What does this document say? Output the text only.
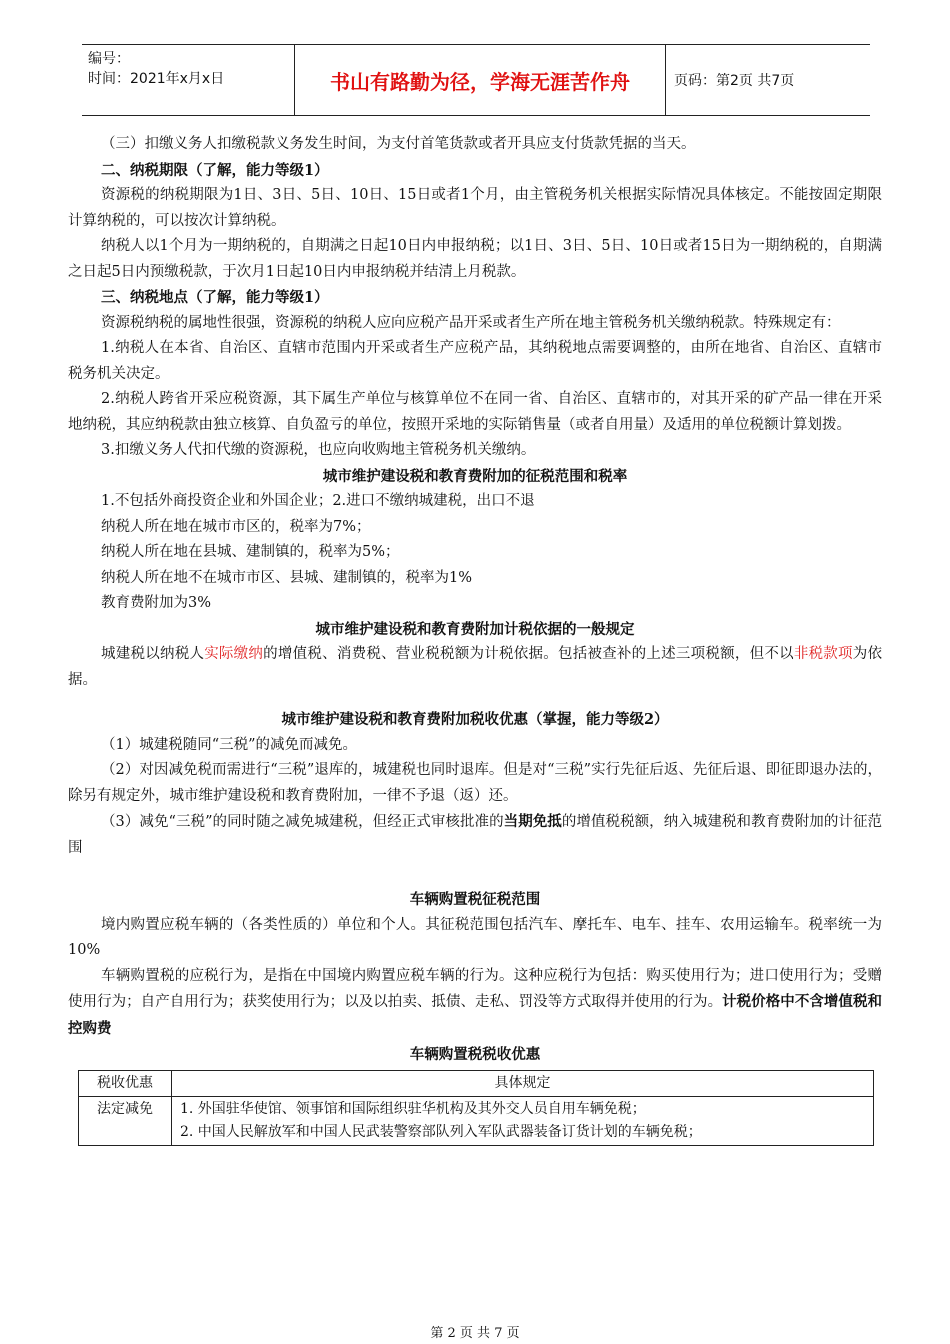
编号：
时间：2021年x月x日	书山有路勤为径，学海无涯苦作舟	页码：第2页 共7页

（三）扣缴义务人扣缴税款义务发生时间，为支付首笔货款或者开具应支付货款凭据的当天。

二、纳税期限（了解，能力等级1）

资源税的纳税期限为1日、3日、5日、10日、15日或者1个月，由主管税务机关根据实际情况具体核定。不能按固定期限计算纳税的，可以按次计算纳税。

纳税人以1个月为一期纳税的，自期满之日起10日内申报纳税；以1日、3日、5日、10日或者15日为一期纳税的，自期满之日起5日内预缴税款，于次月1日起10日内申报纳税并结清上月税款。

三、纳税地点（了解，能力等级1）

资源税纳税的属地性很强，资源税的纳税人应向应税产品开采或者生产所在地主管税务机关缴纳税款。特殊规定有：

1.纳税人在本省、自治区、直辖市范围内开采或者生产应税产品，其纳税地点需要调整的，由所在地省、自治区、直辖市税务机关决定。

2.纳税人跨省开采应税资源，其下属生产单位与核算单位不在同一省、自治区、直辖市的，对其开采的矿产品一律在开采地纳税，其应纳税款由独立核算、自负盈亏的单位，按照开采地的实际销售量（或者自用量）及适用的单位税额计算划拨。

3.扣缴义务人代扣代缴的资源税，也应向收购地主管税务机关缴纳。

城市维护建设税和教育费附加的征税范围和税率

1.不包括外商投资企业和外国企业；2.进口不缴纳城建税，出口不退

纳税人所在地在城市市区的，税率为7%；

纳税人所在地在县城、建制镇的，税率为5%；

纳税人所在地不在城市市区、县城、建制镇的，税率为1%

教育费附加为3%

城市维护建设税和教育费附加计税依据的一般规定

城建税以纳税人实际缴纳的增值税、消费税、营业税税额为计税依据。包括被查补的上述三项税额，但不以非税款项为依据。

城市维护建设税和教育费附加税收优惠（掌握，能力等级2）

（1）城建税随同“三税”的减免而减免。

（2）对因减免税而需进行“三税”退库的，城建税也同时退库。但是对“三税”实行先征后返、先征后退、即征即退办法的，除另有规定外，城市维护建设税和教育费附加，一律不予退（返）还。

（3）减免“三税”的同时随之减免城建税，但经正式审核批准的当期免抵的增值税税额，纳入城建税和教育费附加的计征范围

车辆购置税征税范围

境内购置应税车辆的（各类性质的）单位和个人。其征税范围包括汽车、摩托车、电车、挂车、农用运输车。税率统一为10%

车辆购置税的应税行为，是指在中国境内购置应税车辆的行为。这种应税行为包括：购买使用行为；进口使用行为；受赠使用行为；自产自用行为；获奖使用行为；以及以拍卖、抵债、走私、罚没等方式取得并使用的行为。计税价格中不含增值税和控购费

车辆购置税税收优惠

税收优惠	具体规定
法定减免	1. 外国驻华使馆、领事馆和国际组织驻华机构及其外交人员自用车辆免税；
2. 中国人民解放军和中国人民武装警察部队列入军队武器装备订货计划的车辆免税；
第 2 页 共 7 页
